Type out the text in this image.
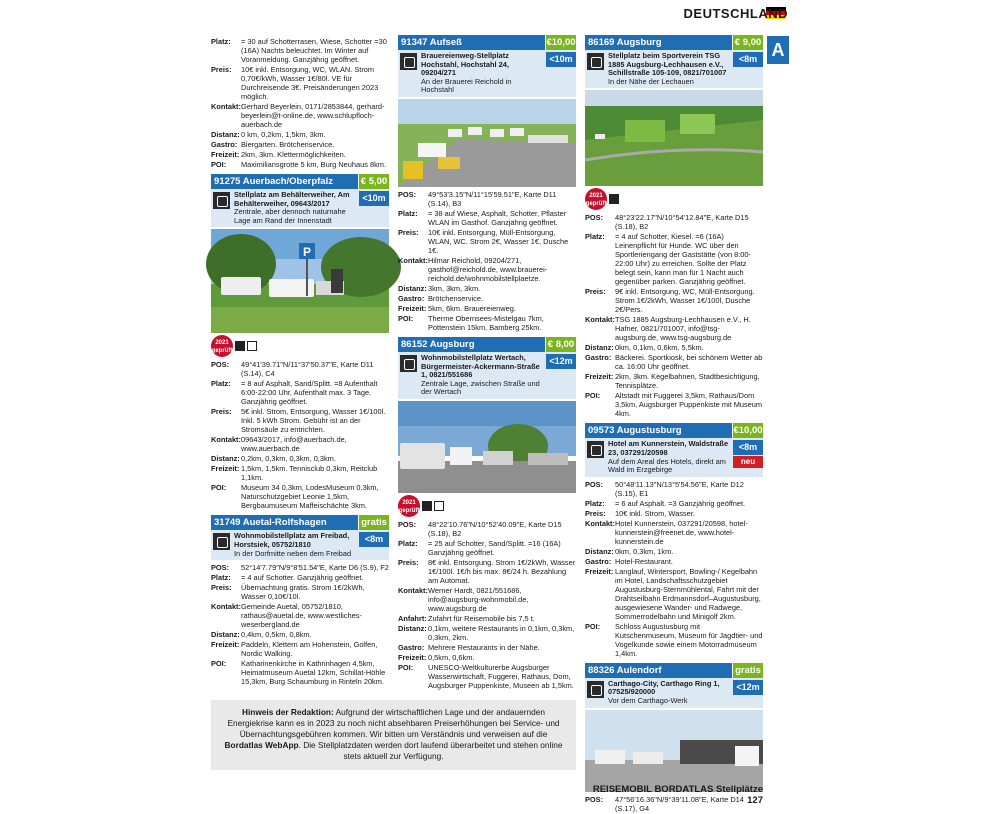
DEUTSCHLAND
A
Platz:	= 30 auf Schotterrasen, Wiese, Schotter =30 (16A) Nachts beleuchtet. Im Winter auf Voranmeldung. Ganzjährig geöffnet.
Preis:	10€ inkl. Entsorgung, WC, WLAN. Strom 0,70€/kWh, Wasser 1€/80l. VE für Durchreisende 3€. Preisänderungen 2023 möglich.
Kontakt: Gerhard Beyerlein, 0171/2853844, gerhard-beyerlein@t-online.de, www.schlupfloch-auerbach.de
Distanz: 0 km, 0,2km, 1,5km, 3km.
Gastro: Biergarten. Brötchenservice.
Freizeit: 2km, 3km. Klettermöglichkeiten.
POI:	Maximiliansgrotte 5 km, Burg Neuhaus 8km.
91275 Auerbach/Oberpfalz	€ 5,00
Stellplatz am Behälterweiher, Am Behälterweiher, 09643/2017
Zentrale, aber dennoch naturnahe Lage am Rand der Innenstadt
<10m
P
2021
geprüft
POS:	49°41'39.71"N/11°37'50.37"E, Karte D11 (S.14), C4
Platz:	= 8 auf Asphalt, Sand/Splitt. =8 Aufenthalt 6:00-22:00 Uhr, Aufenthalt max. 3 Tage. Ganzjährig geöffnet.
Preis:	5€ inkl. Strom, Entsorgung, Wasser 1€/100l. Inkl. 5 kWh Strom. Gebühr ist an der Stromsäule zu entrichten.
Kontakt: 09643/2017, info@auerbach.de, www.auerbach.de
Distanz: 0,2km, 0,3km, 0,3km, 0,3km.
Freizeit: 1,5km, 1,5km. Tennisclub 0,3km, Reitclub 1,1km.
POI:	Museum 34 0,3km, LodesMuseum 0,3km, Naturschutzgebiet Leonie 1,5km, Bergbaumuseum Maffeischächte 3km.
31749 Auetal-Rolfshagen	gratis
Wohnmobilstellplatz am Freibad, Horstsiek, 05752/1810
In der Dorfmitte neben dem Freibad
<8m
POS:	52°14'7.79"N/9°8'51.54"E, Karte D6 (S.9), F2
Platz:	= 4 auf Schotter. Ganzjährig geöffnet.
Preis:	Übernachtung gratis. Strom 1€/2kWh, Wasser 0,10€/10l.
Kontakt: Gemeinde Auetal, 05752/1810, rathaus@auetal.de, www.westliches-weserbergland.de
Distanz: 0,4km, 0,5km, 0,8km.
Freizeit: Paddeln, Klettern am Hohenstein, Golfen, Nordic Walking.
POI:	Katharinenkirche in Kathrinhagen 4,5km, Heimatmuseum Auetal 12km, Schillat-Höhle 15,3km, Burg Schaumburg in Rinteln 20km.
91347 Aufseß	€10,00
Brauereienweg-Stellplatz Hochstahl, Hochstahl 24, 09204/271
An der Brauerei Reichold in Hochstahl
<10m
POS:	49°53'3.15"N/11°15'59.51"E, Karte D11 (S.14), B3
Platz:	= 38 auf Wiese, Asphalt, Schotter, Pflaster WLAN im Gasthof. Ganzjährig geöffnet.
Preis:	10€ inkl. Entsorgung, Müll-Entsorgung, WLAN, WC. Strom 2€, Wasser 1€, Dusche 1€.
Kontakt: Hilmar Reichold, 09204/271, gasthof@reichold.de, www.brauerei-reichold.de/wohnmobilstellplaetze.
Distanz: 3km, 3km, 3km.
Gastro: Brötchenservice.
Freizeit: 5km, 6km. Brauereienweg.
POI:	Therme Obernsees-Mistelgau 7km, Pottenstein 15km, Bamberg 25km.
86152 Augsburg	€ 8,00
Wohnmobilstellplatz Wertach, Bürgermeister-Ackermann-Straße 1, 0821/551686
Zentrale Lage, zwischen Straße und der Wertach
<12m
2021
geprüft
POS:	48°22'10.76"N/10°52'40.09"E, Karte D15 (S.18), B2
Platz:	= 25 auf Schotter, Sand/Splitt. =16 (16A) Ganzjährig geöffnet.
Preis:	8€ inkl. Entsorgung. Strom 1€/2kWh, Wasser 1€/100l. 1€/h bis max. 8€/24 h. Bezahlung am Automat.
Kontakt: Werner Hardt, 0821/551686, info@augsburg-wohnmobil.de, www.augsburg.de
Anfahrt: Zufahrt für Reisemobile bis 7,5 t.
Distanz: 0,1km, weitere Restaurants in 0,1km, 0,3km, 0,3km, 2km.
Gastro: Mehrere Restaurants in der Nähe.
Freizeit: 0,5km, 0,6km.
POI:	UNESCO-Weltkulturerbe Augsburger Wasserwirtschaft, Fuggerei, Rathaus, Dom, Augsburger Puppenkiste, Museen ab 1,5km.
86169 Augsburg	€ 9,00
Stellplatz beim Sportverein TSG 1885 Augsburg-Lechhausen e.V., Schillstraße 105-109, 0821/701007
In der Nähe der Lechauen
<8m
2021
geprüft
POS:	48°23'22.17"N/10°54'12.84"E, Karte D15 (S.18), B2
Platz:	= 4 auf Schotter, Kiesel. =6 (16A) Leinenpflicht für Hunde. WC über den Sportleriengang der Gaststätte (von 8:00-22:00 Uhr) zu erreichen. Sollte der Platz belegt sein, kann man für 1 Nacht auch gegenüber parken. Ganzjährig geöffnet.
Preis:	9€ inkl. Entsorgung, WC, Müll-Entsorgung. Strom 1€/2kWh, Wasser 1€/100l, Dusche 2€/Pers.
Kontakt: TSG 1885 Augsburg-Lechhausen e.V., H. Hafner, 0821/701007, info@tsg-augsburg.de, www.tsg-augsburg.de
Distanz: 0km, 0,1km, 0,6km, 5,5km.
Gastro: Bäckerei. Sportkiosk, bei schönem Wetter ab ca. 16:00 Uhr geöffnet.
Freizeit: 2km, 3km. Kegelbahnen, Stadtbesichtigung, Tennisplätze.
POI:	Altstadt mit Fuggerei 3,5km, Rathaus/Dom 3,5km, Augsburger Puppenkiste mit Museum 4km.
09573 Augustusburg	€10,00
Hotel am Kunnerstein, Waldstraße 23, 037291/20598
Auf dem Areal des Hotels, direkt am Wald im Erzgebirge
<8m
neu
POS:	50°48'11.13"N/13°5'54.56"E, Karte D12 (S.15), E1
Platz:	= 6 auf Asphalt. =3 Ganzjährig geöffnet.
Preis:	10€ inkl. Strom, Wasser.
Kontakt: Hotel Kunnerstein, 037291/20598, hotel-kunnerstein@freenet.de, www.hotel-kunnerstein.de
Distanz: 0km, 0,3km, 1km.
Gastro: Hotel-Restaurant.
Freizeit: Langlauf, Wintersport, Bowling-/ Kegelbahn im Hotel, Landschaftsschutzgebiet Augustusburg-Sternmühlental, Fahrt mit der Drahtseilbahn Erdmannsdorf–Augustusburg, ausgewiesene Wander- und Radwege, Sommerrodelbahn und Minigolf 2km.
POI:	Schloss Augustusburg mit Kutschenmuseum, Museum für Jagdtier- und Vogelkunde sowie einem Motorradmuseum 1,4km.
88326 Aulendorf	gratis
Carthago-City, Carthago Ring 1, 07525/920000
Vor dem Carthago-Werk
<12m
POS:	47°56'16.36"N/9°39'11.08"E, Karte D14 (S.17), G4
Hinweis der Redaktion: Aufgrund der wirtschaftlichen Lage und der andauernden Energiekrise kann es in 2023 zu noch nicht absehbaren Preiserhöhungen bei Service- und Übernachtungsgebühren kommen. Wir bitten um Verständnis und verweisen auf die Bordatlas WebApp. Die Stellplatzdaten werden dort laufend überarbeitet und stehen online stets aktuell zur Verfügung.
REISEMOBIL BORDATLAS Stellplätze 127
